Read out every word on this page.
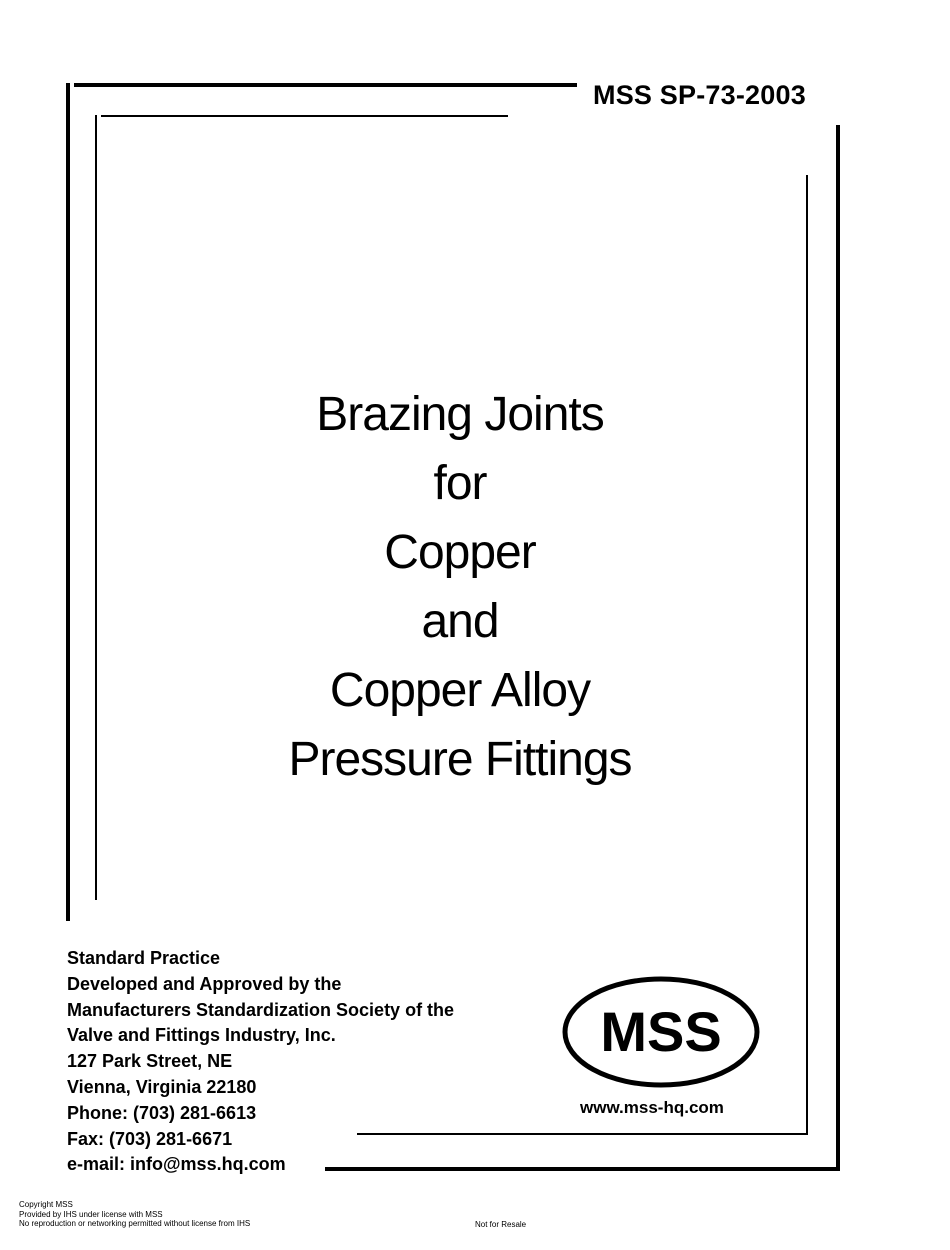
MSS SP-73-2003
Brazing Joints
for
Copper
and
Copper Alloy
Pressure Fittings
Standard Practice
Developed and Approved by the
Manufacturers Standardization Society of the
Valve and Fittings Industry, Inc.
127 Park Street, NE
Vienna, Virginia 22180
Phone: (703) 281-6613
Fax: (703) 281-6671
e-mail: info@mss.hq.com
MSS
www.mss-hq.com
Copyright MSS
Provided by IHS under license with MSS
No reproduction or networking permitted without license from IHS	Not for Resale
